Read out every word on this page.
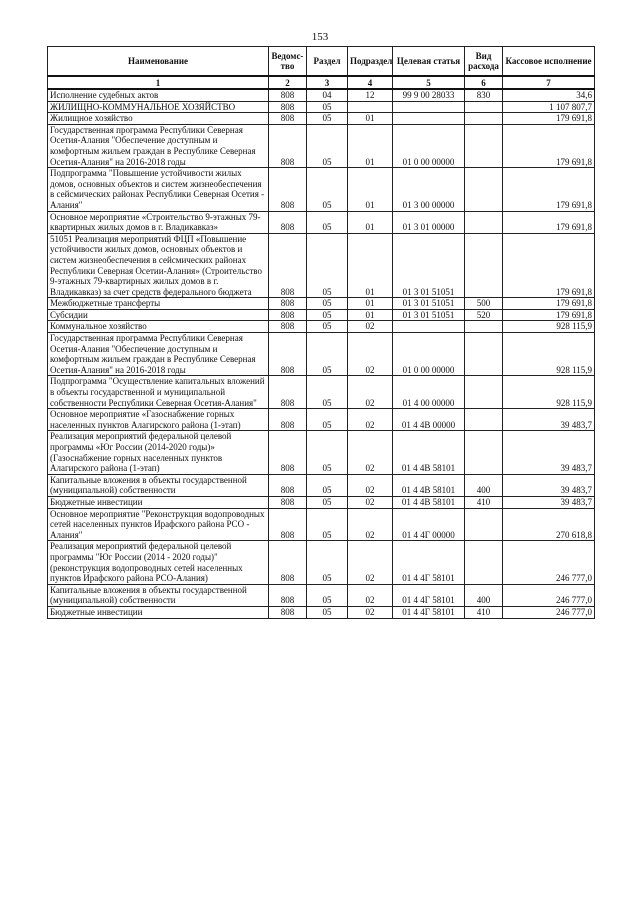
153
Наименование	Ведомс-тво	Раздел	Подраздел	Целевая статья	Вид расхода	Кассовое исполнение
1	2	3	4	5	6	7
Исполнение судебных актов	808	04	12	99 9 00 28033	830	34,6
ЖИЛИЩНО-КОММУНАЛЬНОЕ ХОЗЯЙСТВО	808	05				1 107 807,7
Жилищное хозяйство	808	05	01			179 691,8
Государственная программа Республики Северная Осетия-Алания "Обеспечение доступным и комфортным жильем граждан в Республике Северная Осетия-Алания" на 2016-2018 годы	808	05	01	01 0 00 00000		179 691,8
Подпрограмма "Повышение устойчивости жилых домов, основных объектов и систем жизнеобеспечения в сейсмических районах Республики Северная Осетия - Алания"	808	05	01	01 3 00 00000		179 691,8
Основное мероприятие «Строительство 9-этажных 79-квартирных жилых домов в г. Владикавказ»	808	05	01	01 3 01 00000		179 691,8
51051 Реализация мероприятий ФЦП «Повышение устойчивости жилых домов, основных объектов и систем жизнеобеспечения в сейсмических районах Республики Северная Осетии-Алания» (Строительство 9-этажных 79-квартирных жилых домов в г. Владикавказ) за счет средств федерального бюджета	808	05	01	01 3 01 51051		179 691,8
Межбюджетные трансферты	808	05	01	01 3 01 51051	500	179 691,8
Субсидии	808	05	01	01 3 01 51051	520	179 691,8
Коммунальное хозяйство	808	05	02			928 115,9
Государственная программа Республики Северная Осетия-Алания "Обеспечение доступным и комфортным жильем граждан в Республике Северная Осетия-Алания" на 2016-2018 годы	808	05	02	01 0 00 00000		928 115,9
Подпрограмма "Осуществление капитальных вложений в объекты государственной и муниципальной собственности Республики Северная Осетия-Алания"	808	05	02	01 4 00 00000		928 115,9
Основное мероприятие «Газоснабжение горных населенных пунктов Алагирского района (1-этап)	808	05	02	01 4 4В 00000		39 483,7
Реализация мероприятий федеральной целевой программы «Юг России (2014-2020 годы)» (Газоснабжение горных населенных пунктов Алагирского района (1-этап)	808	05	02	01 4 4В 58101		39 483,7
Капитальные вложения в объекты государственной (муниципальной) собственности	808	05	02	01 4 4В 58101	400	39 483,7
Бюджетные инвестиции	808	05	02	01 4 4В 58101	410	39 483,7
Основное мероприятие "Реконструкция водопроводных сетей населенных пунктов Ирафского района РСО - Алания"	808	05	02	01 4 4Г 00000		270 618,8
Реализация мероприятий федеральной целевой программы "Юг России (2014 - 2020 годы)" (реконструкция водопроводных сетей населенных пунктов Ирафского района РСО-Алания)	808	05	02	01 4 4Г 58101		246 777,0
Капитальные вложения в объекты государственной (муниципальной) собственности	808	05	02	01 4 4Г 58101	400	246 777,0
Бюджетные инвестиции	808	05	02	01 4 4Г 58101	410	246 777,0
